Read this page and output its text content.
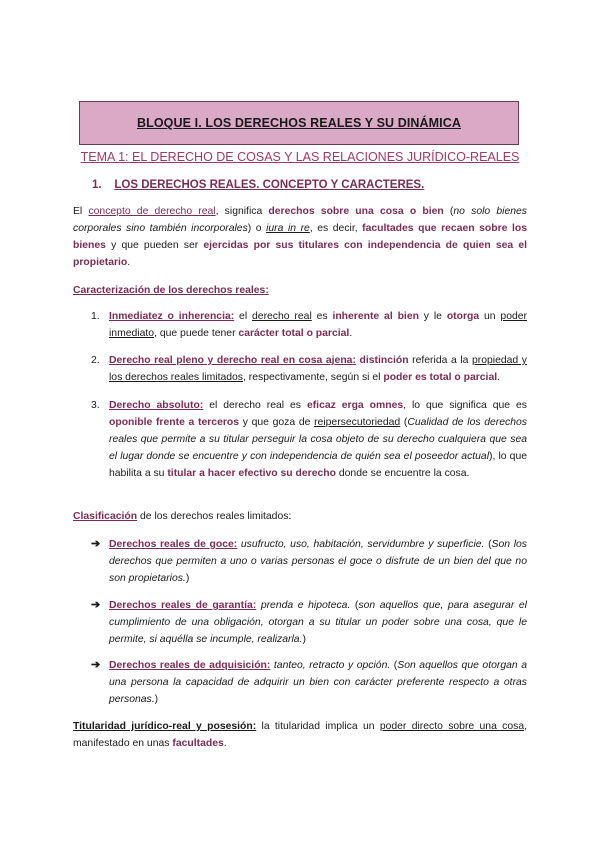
BLOQUE I. LOS DERECHOS REALES Y SU DINÁMICA
TEMA 1: EL DERECHO DE COSAS Y LAS RELACIONES JURÍDICO-REALES
1. LOS DERECHOS REALES. CONCEPTO Y CARACTERES.

El concepto de derecho real, significa derechos sobre una cosa o bien (no solo bienes corporales sino también incorporales) o iura in re, es decir, facultades que recaen sobre los bienes y que pueden ser ejercidas por sus titulares con independencia de quien sea el propietario.

Caracterización de los derechos reales:

1. Inmediatez o inherencia: el derecho real es inherente al bien y le otorga un poder inmediato, que puede tener carácter total o parcial.

2. Derecho real pleno y derecho real en cosa ajena: distinción referida a la propiedad y los derechos reales limitados, respectivamente, según si el poder es total o parcial.

3. Derecho absoluto: el derecho real es eficaz erga omnes, lo que significa que es oponible frente a terceros y que goza de reipersecutoriedad (Cualidad de los derechos reales que permite a su titular perseguir la cosa objeto de su derecho cualquiera que sea el lugar donde se encuentre y con independencia de quién sea el poseedor actual), lo que habilita a su titular a hacer efectivo su derecho donde se encuentre la cosa.

Clasificación de los derechos reales limitados:

➔ Derechos reales de goce: usufructo, uso, habitación, servidumbre y superficie. (Son los derechos que permiten a uno o varias personas el goce o disfrute de un bien del que no son propietarios.)

➔ Derechos reales de garantía: prenda e hipoteca. (son aquellos que, para asegurar el cumplimiento de una obligación, otorgan a su titular un poder sobre una cosa, que le permite, si aquélla se incumple, realizarla.)

➔ Derechos reales de adquisición: tanteo, retracto y opción. (Son aquellos que otorgan a una persona la capacidad de adquirir un bien con carácter preferente respecto a otras personas.)

Titularidad jurídico-real y posesión: la titularidad implica un poder directo sobre una cosa, manifestado en unas facultades.
